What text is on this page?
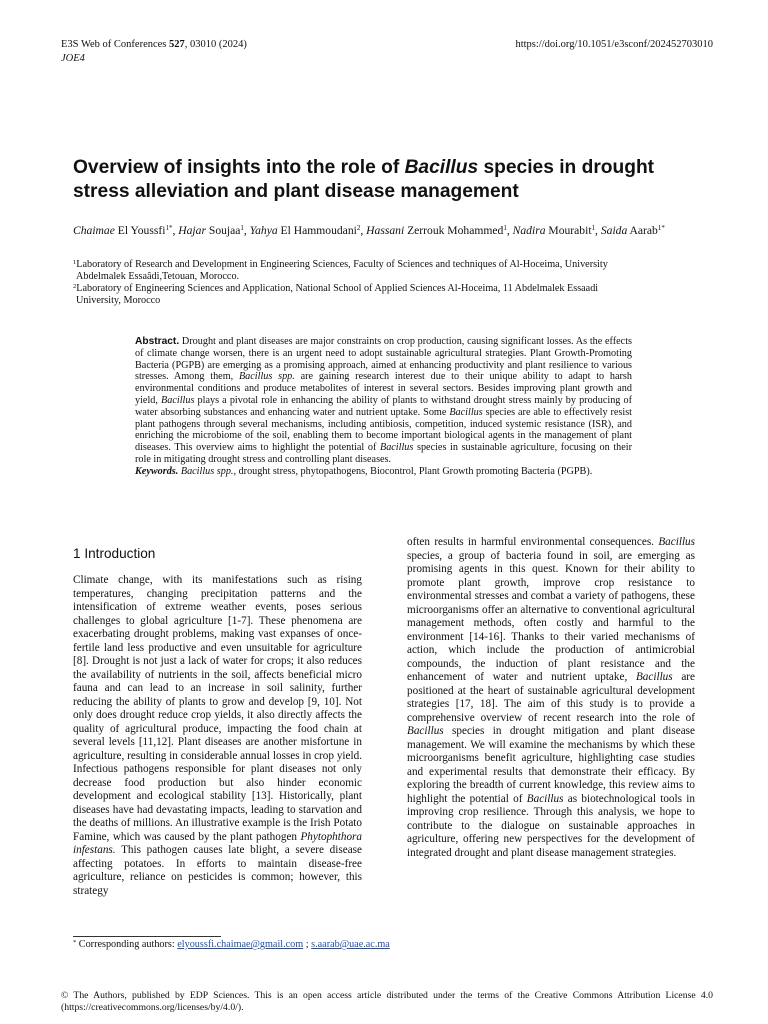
E3S Web of Conferences 527, 03010 (2024)
JOE4
https://doi.org/10.1051/e3sconf/202452703010
Overview of insights into the role of Bacillus species in drought stress alleviation and plant disease management
Chaimae El Youssfi$^{1*}$, Hajar Soujaa$^1$, Yahya El Hammoudani$^2$, Hassani Zerrouk Mohammed$^1$, Nadira Mourabit$^1$, Saida Aarab$^{1*}$
$^1$Laboratory of Research and Development in Engineering Sciences, Faculty of Sciences and techniques of Al-Hoceima, University
Abdelmalek Essaâdi,Tetouan, Morocco.
$^2$Laboratory of Engineering Sciences and Application, National School of Applied Sciences Al-Hoceima, 11 Abdelmalek Essaadi
University, Morocco
Abstract. Drought and plant diseases are major constraints on crop production, causing significant losses. As the effects of climate change worsen, there is an urgent need to adopt sustainable agricultural strategies. Plant Growth-Promoting Bacteria (PGPB) are emerging as a promising approach, aimed at enhancing productivity and plant resilience to various stresses. Among them, Bacillus spp. are gaining research interest due to their unique ability to adapt to harsh environmental conditions and produce metabolites of interest in several sectors. Besides improving plant growth and yield, Bacillus plays a pivotal role in enhancing the ability of plants to withstand drought stress mainly by producing of water absorbing substances and enhancing water and nutrient uptake. Some Bacillus species are able to effectively resist plant pathogens through several mechanisms, including antibiosis, competition, induced systemic resistance (ISR), and enriching the microbiome of the soil, enabling them to become important biological agents in the management of plant diseases. This overview aims to highlight the potential of Bacillus species in sustainable agriculture, focusing on their role in mitigating drought stress and controlling plant diseases.
Keywords. Bacillus spp., drought stress, phytopathogens, Biocontrol, Plant Growth promoting Bacteria (PGPB).
1 Introduction
Climate change, with its manifestations such as rising temperatures, changing precipitation patterns and the intensification of extreme weather events, poses serious challenges to global agriculture [1-7]. These phenomena are exacerbating drought problems, making vast expanses of once-fertile land less productive and even unsuitable for agriculture [8]. Drought is not just a lack of water for crops; it also reduces the availability of nutrients in the soil, affects beneficial micro fauna and can lead to an increase in soil salinity, further reducing the ability of plants to grow and develop [9, 10]. Not only does drought reduce crop yields, it also directly affects the quality of agricultural produce, impacting the food chain at several levels [11,12]. Plant diseases are another misfortune in agriculture, resulting in considerable annual losses in crop yield. Infectious pathogens responsible for plant diseases not only decrease food production but also hinder economic development and ecological stability [13]. Historically, plant diseases have had devastating impacts, leading to starvation and the deaths of millions. An illustrative example is the Irish Potato Famine, which was caused by the plant pathogen Phytophthora infestans. This pathogen causes late blight, a severe disease affecting potatoes. In efforts to maintain disease-free agriculture, reliance on pesticides is common; however, this strategy
often results in harmful environmental consequences. Bacillus species, a group of bacteria found in soil, are emerging as promising agents in this quest. Known for their ability to promote plant growth, improve crop resistance to environmental stresses and combat a variety of pathogens, these microorganisms offer an alternative to conventional agricultural management methods, often costly and harmful to the environment [14-16]. Thanks to their varied mechanisms of action, which include the production of antimicrobial compounds, the induction of plant resistance and the enhancement of water and nutrient uptake, Bacillus are positioned at the heart of sustainable agricultural development strategies [17, 18]. The aim of this study is to provide a comprehensive overview of recent research into the role of Bacillus species in drought mitigation and plant disease management. We will examine the mechanisms by which these microorganisms benefit agriculture, highlighting case studies and experimental results that demonstrate their efficacy. By exploring the breadth of current knowledge, this review aims to highlight the potential of Bacillus as biotechnological tools in improving crop resilience. Through this analysis, we hope to contribute to the dialogue on sustainable approaches in agriculture, offering new perspectives for the development of integrated drought and plant disease management strategies.
* Corresponding authors: elyoussfi.chaimae@gmail.com ; s.aarab@uae.ac.ma
© The Authors, published by EDP Sciences. This is an open access article distributed under the terms of the Creative Commons Attribution License 4.0 (https://creativecommons.org/licenses/by/4.0/).
